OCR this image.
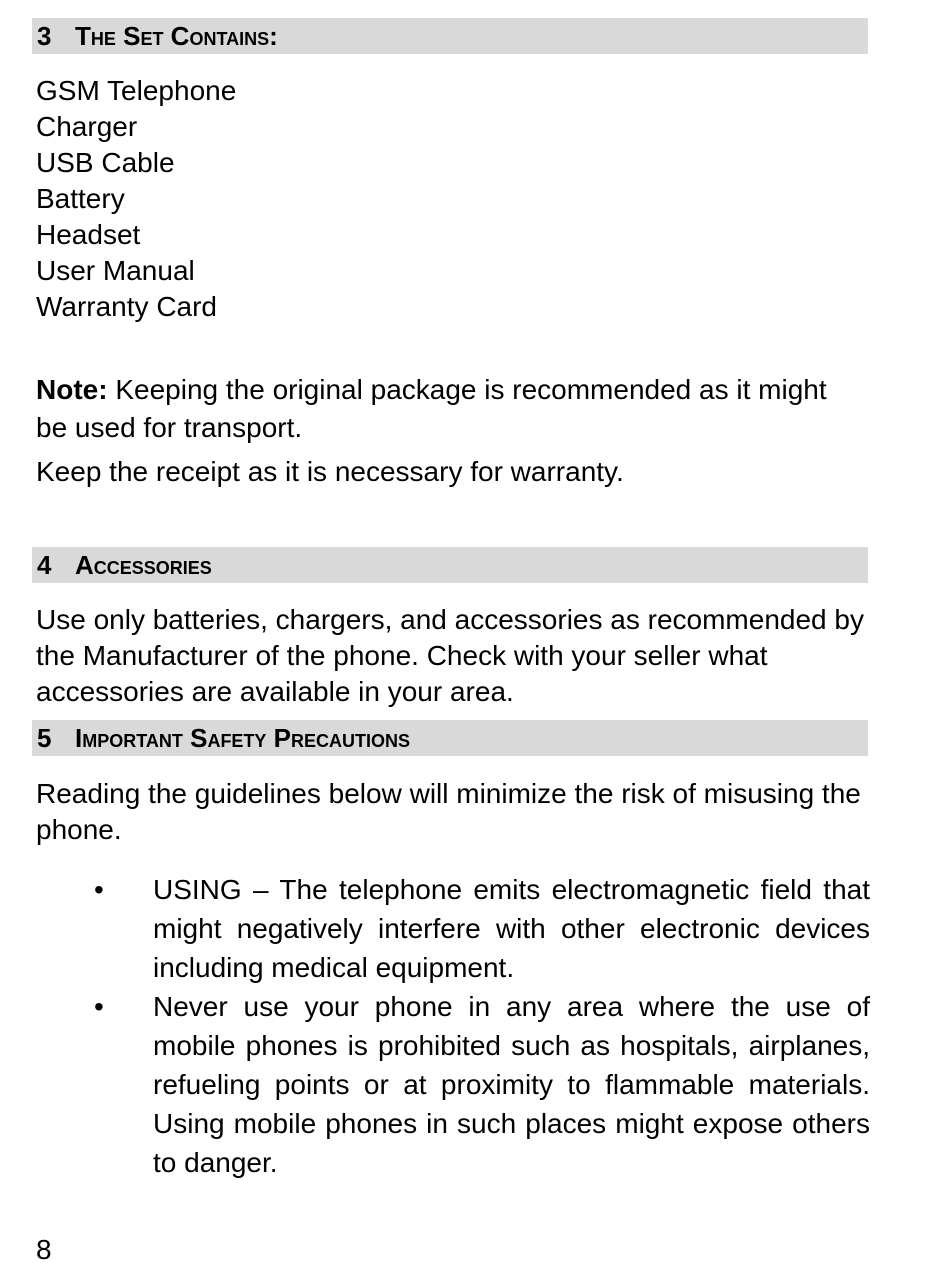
3 The Set Contains:
GSM Telephone
Charger
USB Cable
Battery
Headset
User Manual
Warranty Card

Note: Keeping the original package is recommended as it might be used for transport.

Keep the receipt as it is necessary for warranty.

4 Accessories

Use only batteries, chargers, and accessories as recommended by the Manufacturer of the phone. Check with your seller what accessories are available in your area.

5 Important Safety Precautions

Reading the guidelines below will minimize the risk of misusing the phone.

• USING – The telephone emits electromagnetic field that might negatively interfere with other electronic devices including medical equipment.
• Never use your phone in any area where the use of mobile phones is prohibited such as hospitals, airplanes, refueling points or at proximity to flammable materials. Using mobile phones in such places might expose others to danger.
8
